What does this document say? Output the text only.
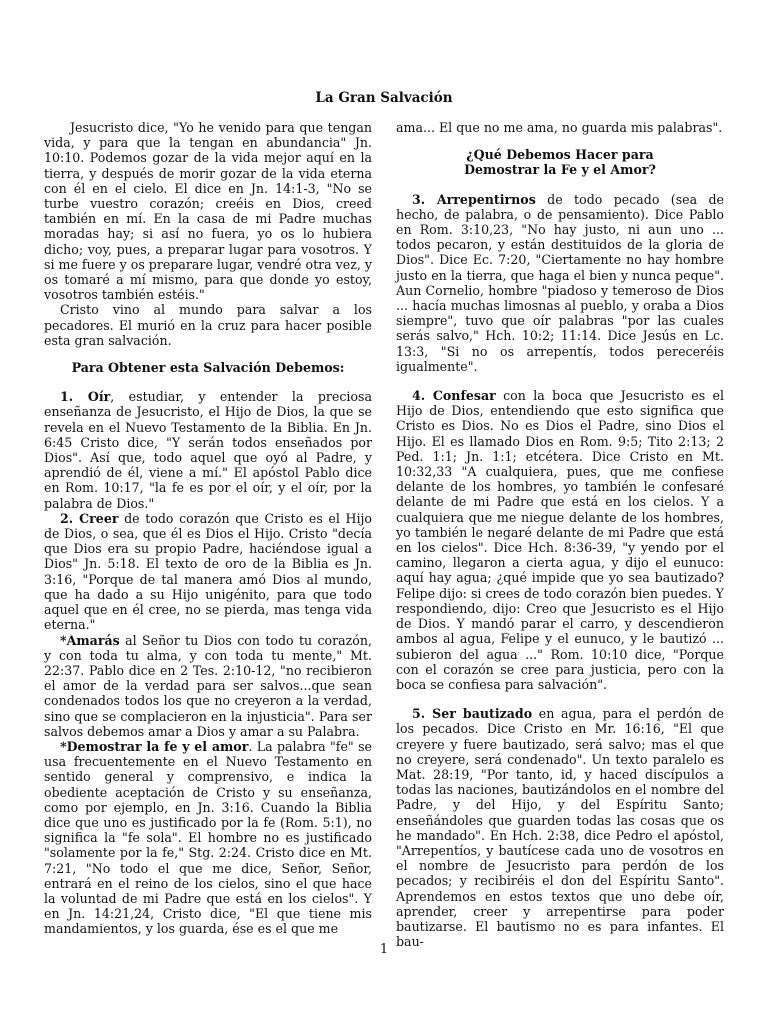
La Gran Salvación

Jesucristo dice, "Yo he venido para que tengan vida, y para que la tengan en abundancia" Jn. 10:10. Podemos gozar de la vida mejor aquí en la tierra, y después de morir gozar de la vida eterna con él en el cielo. El dice en Jn. 14:1-3, "No se turbe vuestro corazón; creéis en Dios, creed también en mí. En la casa de mi Padre muchas moradas hay; si así no fuera, yo os lo hubiera dicho; voy, pues, a preparar lugar para vosotros. Y si me fuere y os preparare lugar, vendré otra vez, y os tomaré a mí mismo, para que donde yo estoy, vosotros también estéis."

Cristo vino al mundo para salvar a los pecadores. El murió en la cruz para hacer posible esta gran salvación.

Para Obtener esta Salvación Debemos:

1. Oír, estudiar, y entender la preciosa enseñanza de Jesucristo, el Hijo de Dios, la que se revela en el Nuevo Testamento de la Biblia. En Jn. 6:45 Cristo dice, "Y serán todos enseñados por Dios". Así que, todo aquel que oyó al Padre, y aprendió de él, viene a mí." El apóstol Pablo dice en Rom. 10:17, "la fe es por el oír, y el oír, por la palabra de Dios."

2. Creer de todo corazón que Cristo es el Hijo de Dios, o sea, que él es Dios el Hijo. Cristo "decía que Dios era su propio Padre, haciéndose igual a Dios" Jn. 5:18. El texto de oro de la Biblia es Jn. 3:16, "Porque de tal manera amó Dios al mundo, que ha dado a su Hijo unigénito, para que todo aquel que en él cree, no se pierda, mas tenga vida eterna."

*Amarás al Señor tu Dios con todo tu corazón, y con toda tu alma, y con toda tu mente," Mt. 22:37. Pablo dice en 2 Tes. 2:10-12, "no recibieron el amor de la verdad para ser salvos...que sean condenados todos los que no creyeron a la verdad, sino que se complacieron en la injusticia". Para ser salvos debemos amar a Dios y amar a su Palabra.

*Demostrar la fe y el amor. La palabra "fe" se usa frecuentemente en el Nuevo Testamento en sentido general y comprensivo, e indica la obediente aceptación de Cristo y su enseñanza, como por ejemplo, en Jn. 3:16. Cuando la Biblia dice que uno es justificado por la fe (Rom. 5:1), no significa la "fe sola". El hombre no es justificado "solamente por la fe," Stg. 2:24. Cristo dice en Mt. 7:21, "No todo el que me dice, Señor, Señor, entrará en el reino de los cielos, sino el que hace la voluntad de mi Padre que está en los cielos". Y en Jn. 14:21,24, Cristo dice, "El que tiene mis mandamientos, y los guarda, ése es el que me

ama... El que no me ama, no guarda mis palabras".

¿Qué Debemos Hacer para
Demostrar la Fe y el Amor?

3. Arrepentirnos de todo pecado (sea de hecho, de palabra, o de pensamiento). Dice Pablo en Rom. 3:10,23, "No hay justo, ni aun uno ... todos pecaron, y están destituidos de la gloria de Dios". Dice Ec. 7:20, "Ciertamente no hay hombre justo en la tierra, que haga el bien y nunca peque". Aun Cornelio, hombre "piadoso y temeroso de Dios ... hacía muchas limosnas al pueblo, y oraba a Dios siempre", tuvo que oír palabras "por las cuales serás salvo," Hch. 10:2; 11:14. Dice Jesús en Lc. 13:3, "Si no os arrepentís, todos pereceréis igualmente".

4. Confesar con la boca que Jesucristo es el Hijo de Dios, entendiendo que esto significa que Cristo es Dios. No es Dios el Padre, sino Dios el Hijo. El es llamado Dios en Rom. 9:5; Tito 2:13; 2 Ped. 1:1; Jn. 1:1; etcétera. Dice Cristo en Mt. 10:32,33 "A cualquiera, pues, que me confiese delante de los hombres, yo también le confesaré delante de mi Padre que está en los cielos. Y a cualquiera que me niegue delante de los hombres, yo también le negaré delante de mi Padre que está en los cielos". Dice Hch. 8:36-39, "y yendo por el camino, llegaron a cierta agua, y dijo el eunuco: aquí hay agua; ¿qué impide que yo sea bautizado? Felipe dijo: si crees de todo corazón bien puedes. Y respondiendo, dijo: Creo que Jesucristo es el Hijo de Dios. Y mandó parar el carro, y descendieron ambos al agua, Felipe y el eunuco, y le bautizó ... subieron del agua ..." Rom. 10:10 dice, "Porque con el corazón se cree para justicia, pero con la boca se confiesa para salvación".

5. Ser bautizado en agua, para el perdón de los pecados. Dice Cristo en Mr. 16:16, "El que creyere y fuere bautizado, será salvo; mas el que no creyere, será condenado". Un texto paralelo es Mat. 28:19, "Por tanto, id, y haced discípulos a todas las naciones, bautizándolos en el nombre del Padre, y del Hijo, y del Espíritu Santo; enseñándoles que guarden todas las cosas que os he mandado". En Hch. 2:38, dice Pedro el apóstol, "Arrepentíos, y bautícese cada uno de vosotros en el nombre de Jesucristo para perdón de los pecados; y recibiréis el don del Espíritu Santo". Aprendemos en estos textos que uno debe oír, aprender, creer y arrepentirse para poder bautizarse. El bautismo no es para infantes. El bau-

1
